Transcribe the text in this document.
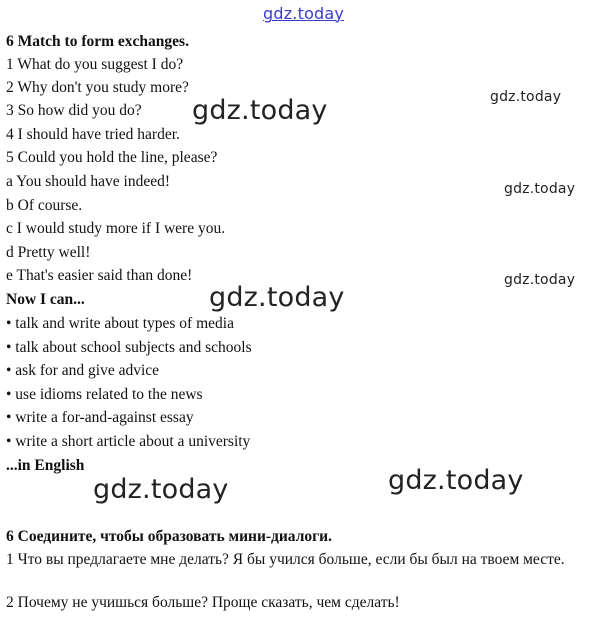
gdz.today
gdz.today	gdz.today
gdz.today
gdz.today
gdz.today
gdz.today	gdz.today
6 Match to form exchanges.
1 What do you suggest I do?
2 Why don't you study more?
3 So how did you do?
4 I should have tried harder.
5 Could you hold the line, please?
a You should have indeed!
b Of course.
c I would study more if I were you.
d Pretty well!
e That's easier said than done!
Now I can...
• talk and write about types of media
• talk about school subjects and schools
• ask for and give advice
• use idioms related to the news
• write a for-and-against essay
• write a short article about a university
...in English
6 Соедините, чтобы образовать мини-диалоги.
1 Что вы предлагаете мне делать? Я бы учился больше, если бы был на твоем месте.
2 Почему не учишься больше? Проще сказать, чем сделать!
